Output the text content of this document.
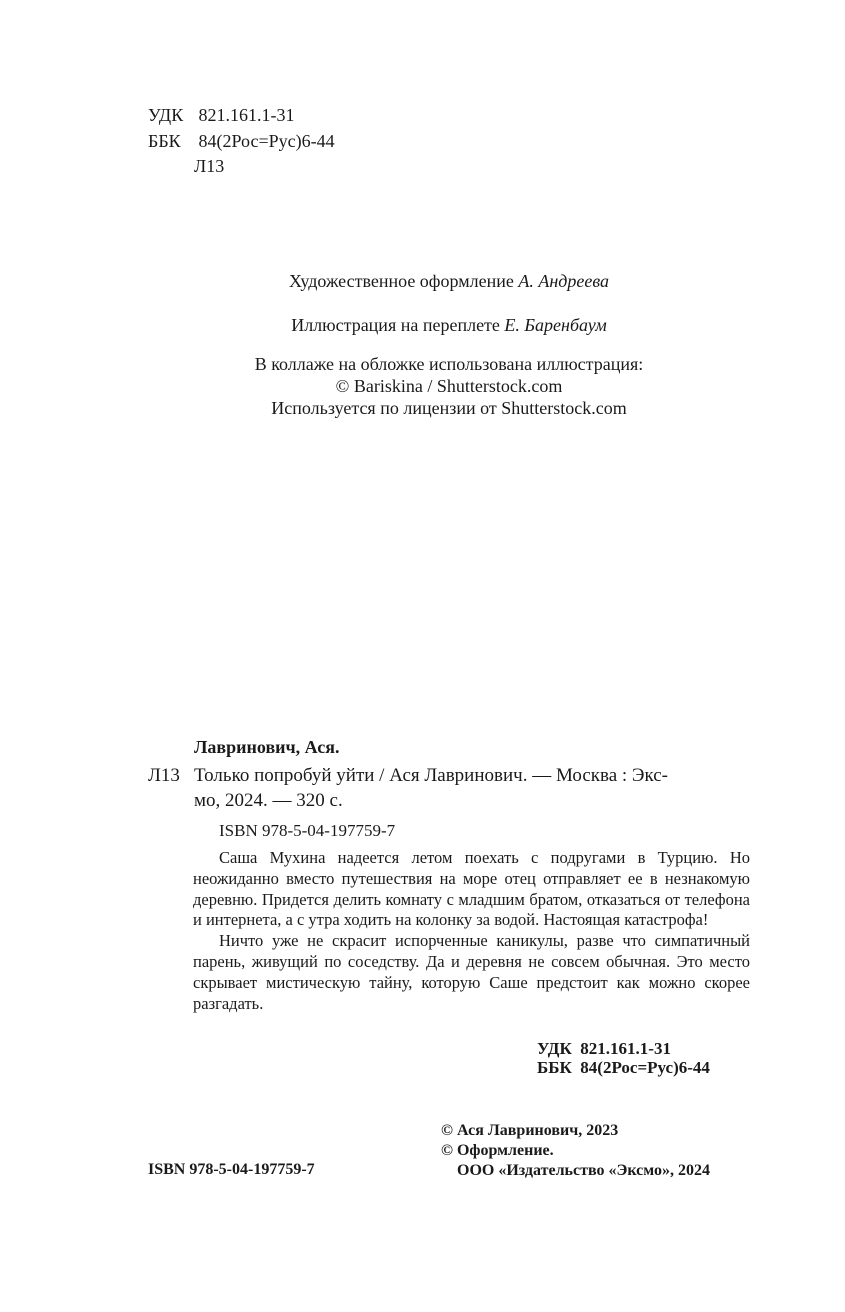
УДК 821.161.1-31
ББК 84(2Рос=Рус)6-44
Л13
Художественное оформление А. Андреева
Иллюстрация на переплете Е. Баренбаум
В коллаже на обложке использована иллюстрация:
© Bariskina / Shutterstock.com
Используется по лицензии от Shutterstock.com
Лавринович, Ася.
Л13 Только попробуй уйти / Ася Лавринович. — Москва : Экс-
мо, 2024. — 320 с.
ISBN 978-5-04-197759-7

Саша Мухина надеется летом поехать с подругами в Турцию. Но неожиданно вместо путешествия на море отец отправляет ее в незнакомую деревню. Придется делить комнату с младшим братом, отказаться от телефона и интернета, а с утра ходить на колонку за водой. Настоящая катастрофа!

Ничто уже не скрасит испорченные каникулы, разве что симпатичный парень, живущий по соседству. Да и деревня не совсем обычная. Это место скрывает мистическую тайну, которую Саше предстоит как можно скорее разгадать.

УДК  821.161.1-31
ББК  84(2Рос=Рус)6-44
ISBN 978-5-04-197759-7
© Ася Лавринович, 2023
© Оформление.
ООО «Издательство «Эксмо», 2024
